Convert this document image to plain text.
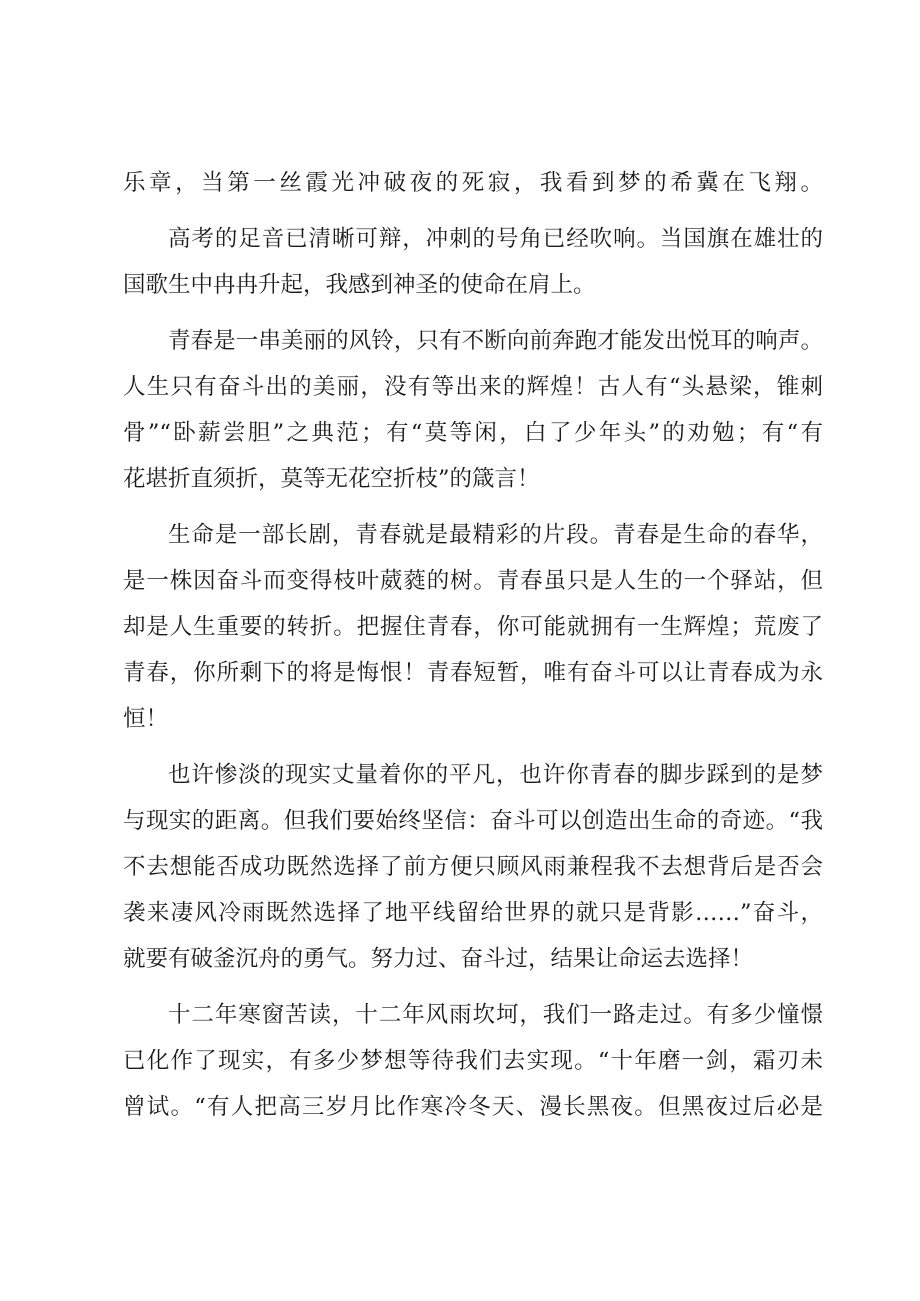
乐章，当第一丝霞光冲破夜的死寂，我看到梦的希冀在飞翔。
高考的足音已清晰可辩，冲刺的号角已经吹响。当国旗在雄壮的
国歌生中冉冉升起，我感到神圣的使命在肩上。
青春是一串美丽的风铃，只有不断向前奔跑才能发出悦耳的响声。
人生只有奋斗出的美丽，没有等出来的辉煌！古人有“头悬梁，锥刺
骨”“卧薪尝胆”之典范；有“莫等闲，白了少年头”的劝勉；有“有
花堪折直须折，莫等无花空折枝”的箴言！
生命是一部长剧，青春就是最精彩的片段。青春是生命的春华，
是一株因奋斗而变得枝叶葳蕤的树。青春虽只是人生的一个驿站，但
却是人生重要的转折。把握住青春，你可能就拥有一生辉煌；荒废了
青春，你所剩下的将是悔恨！青春短暂，唯有奋斗可以让青春成为永
恒！
也许惨淡的现实丈量着你的平凡，也许你青春的脚步踩到的是梦
与现实的距离。但我们要始终坚信：奋斗可以创造出生命的奇迹。“我
不去想能否成功既然选择了前方便只顾风雨兼程我不去想背后是否会
袭来凄风冷雨既然选择了地平线留给世界的就只是背影……”奋斗，
就要有破釜沉舟的勇气。努力过、奋斗过，结果让命运去选择！
十二年寒窗苦读，十二年风雨坎坷，我们一路走过。有多少憧憬
已化作了现实，有多少梦想等待我们去实现。“十年磨一剑，霜刃未
曾试。“有人把高三岁月比作寒冷冬天、漫长黑夜。但黑夜过后必是
